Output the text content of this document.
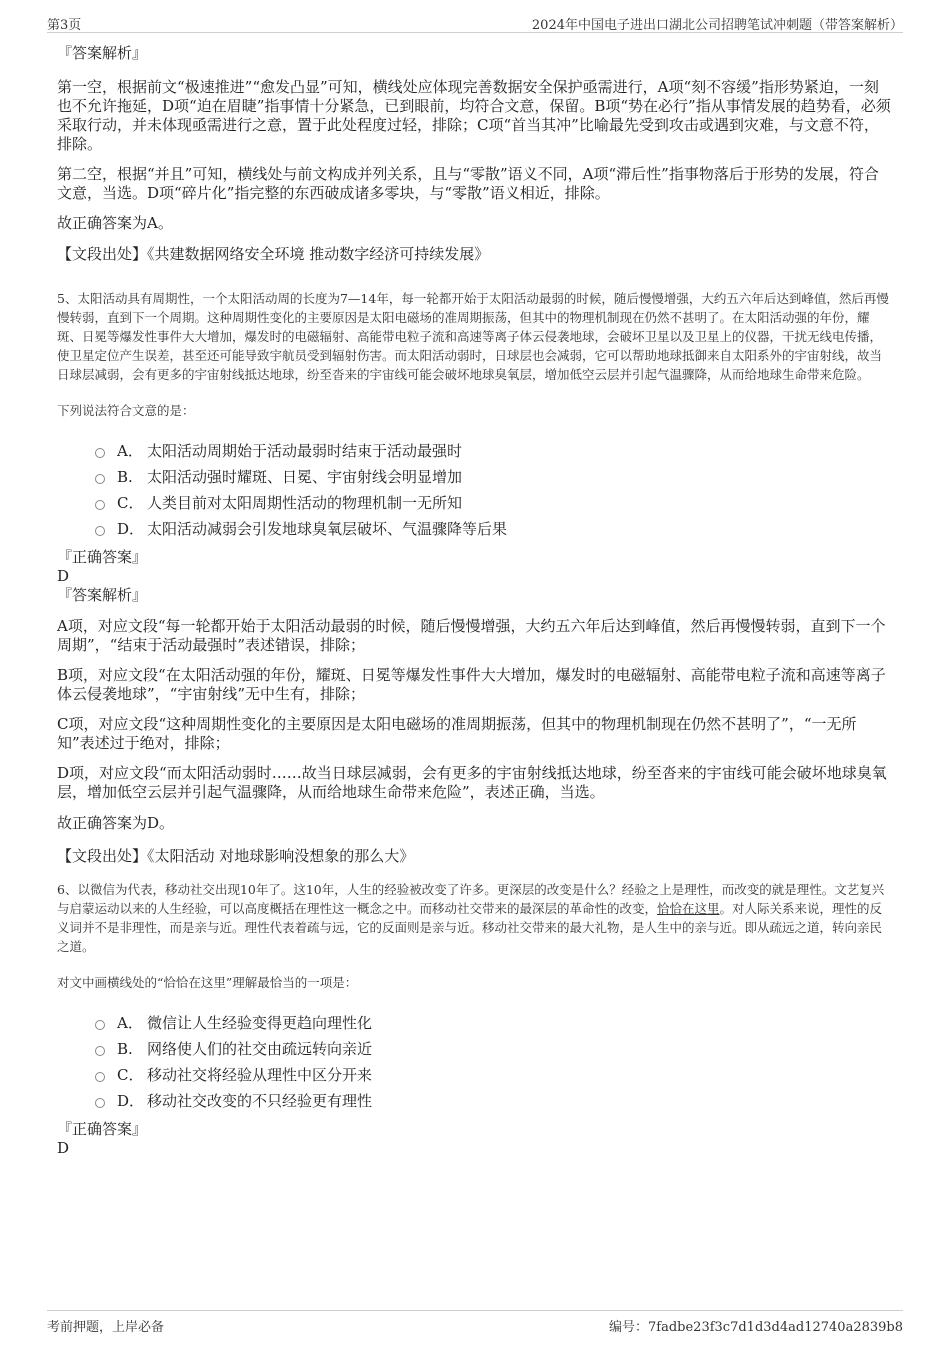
第3页	2024年中国电子进出口湖北公司招聘笔试冲刺题（带答案解析）

『答案解析』

第一空，根据前文“极速推进”“愈发凸显”可知，横线处应体现完善数据安全保护亟需进行，A项“刻不容缓”指形势紧迫，一刻也不允许拖延，D项“迫在眉睫”指事情十分紧急，已到眼前，均符合文意，保留。B项“势在必行”指从事情发展的趋势看，必须采取行动，并未体现亟需进行之意，置于此处程度过轻，排除；C项“首当其冲”比喻最先受到攻击或遇到灾难，与文意不符，排除。

第二空，根据“并且”可知，横线处与前文构成并列关系，且与“零散”语义不同，A项“滞后性”指事物落后于形势的发展，符合文意，当选。D项“碎片化”指完整的东西破成诸多零块，与“零散”语义相近，排除。

故正确答案为A。

【文段出处】《共建数据网络安全环境 推动数字经济可持续发展》

5、太阳活动具有周期性，一个太阳活动周的长度为7—14年，每一轮都开始于太阳活动最弱的时候，随后慢慢增强，大约五六年后达到峰值，然后再慢慢转弱，直到下一个周期。这种周期性变化的主要原因是太阳电磁场的准周期振荡，但其中的物理机制现在仍然不甚明了。在太阳活动强的年份，耀斑、日冕等爆发性事件大大增加，爆发时的电磁辐射、高能带电粒子流和高速等离子体云侵袭地球，会破坏卫星以及卫星上的仪器，干扰无线电传播，使卫星定位产生误差，甚至还可能导致宇航员受到辐射伤害。而太阳活动弱时，日球层也会减弱，它可以帮助地球抵御来自太阳系外的宇宙射线，故当日球层减弱，会有更多的宇宙射线抵达地球，纷至沓来的宇宙线可能会破坏地球臭氧层，增加低空云层并引起气温骤降，从而给地球生命带来危险。

下列说法符合文意的是：

A． 太阳活动周期始于活动最弱时结束于活动最强时
B. 太阳活动强时耀斑、日冕、宇宙射线会明显增加
C． 人类目前对太阳周期性活动的物理机制一无所知
D． 太阳活动减弱会引发地球臭氧层破坏、气温骤降等后果

『正确答案』

D

『答案解析』

A项，对应文段“每一轮都开始于太阳活动最弱的时候，随后慢慢增强，大约五六年后达到峰值，然后再慢慢转弱，直到下一个周期”，“结束于活动最强时”表述错误，排除；

B项，对应文段“在太阳活动强的年份，耀斑、日冕等爆发性事件大大增加，爆发时的电磁辐射、高能带电粒子流和高速等离子体云侵袭地球”，“宇宙射线”无中生有，排除；

C项，对应文段“这种周期性变化的主要原因是太阳电磁场的准周期振荡，但其中的物理机制现在仍然不甚明了”，“一无所知”表述过于绝对，排除；

D项，对应文段“而太阳活动弱时……故当日球层减弱，会有更多的宇宙射线抵达地球，纷至沓来的宇宙线可能会破坏地球臭氧层，增加低空云层并引起气温骤降，从而给地球生命带来危险”，表述正确，当选。

故正确答案为D。

【文段出处】《太阳活动 对地球影响没想象的那么大》

6、以微信为代表，移动社交出现10年了。这10年，人生的经验被改变了许多。更深层的改变是什么？经验之上是理性，而改变的就是理性。文艺复兴与启蒙运动以来的人生经验，可以高度概括在理性这一概念之中。而移动社交带来的最深层的革命性的改变，恰恰在这里。对人际关系来说，理性的反义词并不是非理性，而是亲与近。理性代表着疏与远，它的反面则是亲与近。移动社交带来的最大礼物，是人生中的亲与近。即从疏远之道，转向亲民之道。

对文中画横线处的“恰恰在这里”理解最恰当的一项是：

A． 微信让人生经验变得更趋向理性化
B. 网络使人们的社交由疏远转向亲近
C． 移动社交将经验从理性中区分开来
D． 移动社交改变的不只经验更有理性

『正确答案』

D

考前押题，上岸必备	编号：7fadbe23f3c7d1d3d4ad12740a2839b8
